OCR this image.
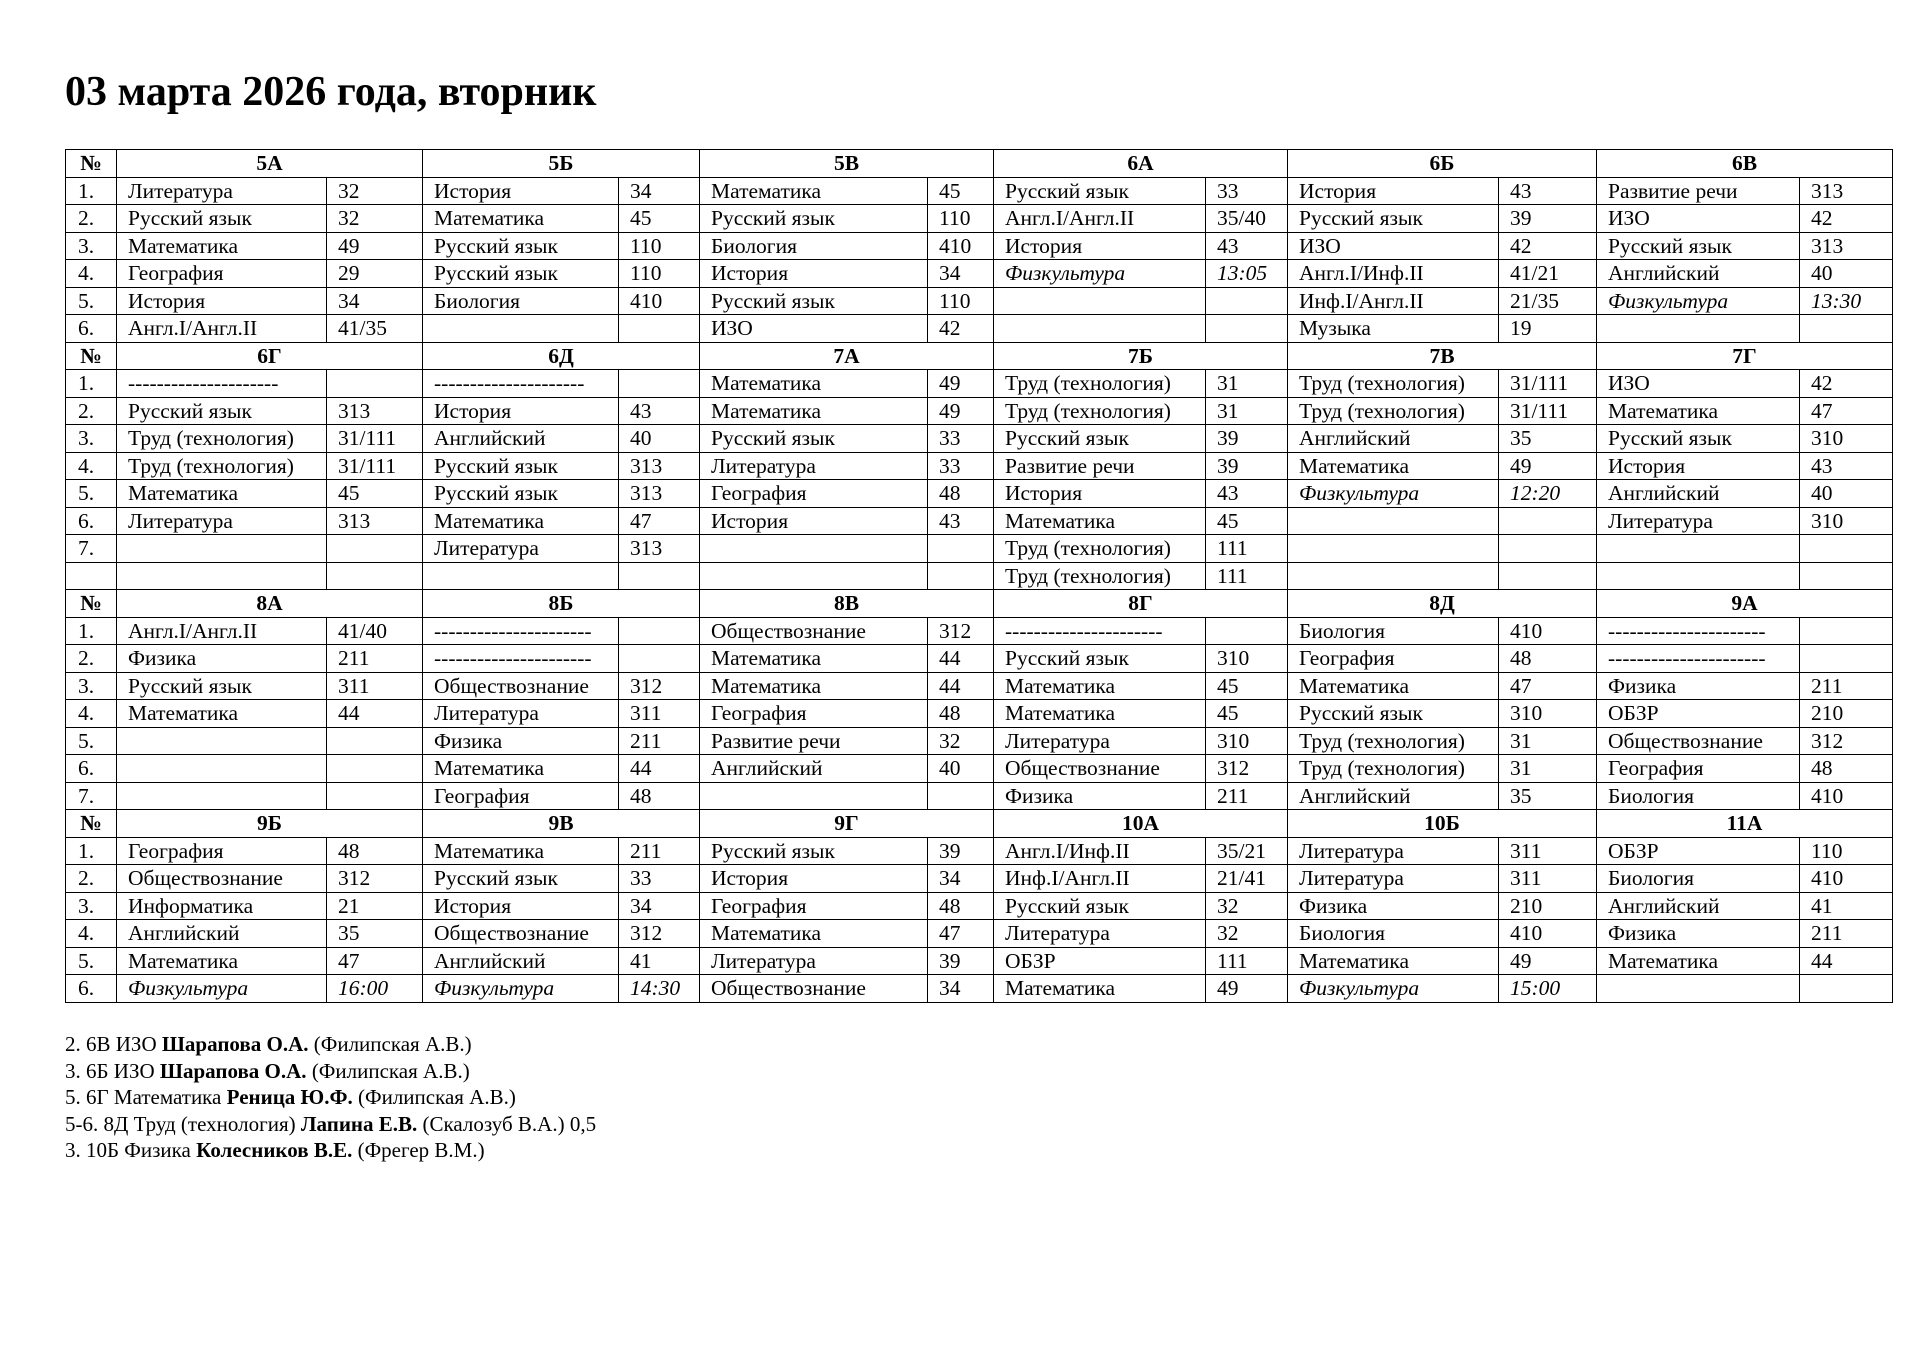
03 марта 2026 года, вторник
№	5А		5Б		5В		6А		6Б		6В	
1.	Литература	32	История	34	Математика	45	Русский язык	33	История	43	Развитие речи	313
2.	Русский язык	32	Математика	45	Русский язык	110	Англ.I/Англ.II	35/40	Русский язык	39	ИЗО	42
3.	Математика	49	Русский язык	110	Биология	410	История	43	ИЗО	42	Русский язык	313
4.	География	29	Русский язык	110	История	34	Физкультура	13:05	Англ.I/Инф.II	41/21	Английский	40
5.	История	34	Биология	410	Русский язык	110			Инф.I/Англ.II	21/35	Физкультура	13:30
6.	Англ.I/Англ.II	41/35			ИЗО	42			Музыка	19		
№	6Г		6Д		7А		7Б		7В		7Г	
1.	---------------------		---------------------		Математика	49	Труд (технология)	31	Труд (технология)	31/111	ИЗО	42
2.	Русский язык	313	История	43	Математика	49	Труд (технология)	31	Труд (технология)	31/111	Математика	47
3.	Труд (технология)	31/111	Английский	40	Русский язык	33	Русский язык	39	Английский	35	Русский язык	310
4.	Труд (технология)	31/111	Русский язык	313	Литература	33	Развитие речи	39	Математика	49	История	43
5.	Математика	45	Русский язык	313	География	48	История	43	Физкультура	12:20	Английский	40
6.	Литература	313	Математика	47	История	43	Математика	45			Литература	310
7.			Литература	313			Труд (технология)	111				
							Труд (технология)	111				
№	8А		8Б		8В		8Г		8Д		9А	
1.	Англ.I/Англ.II	41/40	----------------------		Обществознание	312	----------------------		Биология	410	----------------------	
2.	Физика	211	----------------------		Математика	44	Русский язык	310	География	48	----------------------	
3.	Русский язык	311	Обществознание	312	Математика	44	Математика	45	Математика	47	Физика	211
4.	Математика	44	Литература	311	География	48	Математика	45	Русский язык	310	ОБЗР	210
5.			Физика	211	Развитие речи	32	Литература	310	Труд (технология)	31	Обществознание	312
6.			Математика	44	Английский	40	Обществознание	312	Труд (технология)	31	География	48
7.			География	48			Физика	211	Английский	35	Биология	410
№	9Б		9В		9Г		10А		10Б		11А	
1.	География	48	Математика	211	Русский язык	39	Англ.I/Инф.II	35/21	Литература	311	ОБЗР	110
2.	Обществознание	312	Русский язык	33	История	34	Инф.I/Англ.II	21/41	Литература	311	Биология	410
3.	Информатика	21	История	34	География	48	Русский язык	32	Физика	210	Английский	41
4.	Английский	35	Обществознание	312	Математика	47	Литература	32	Биология	410	Физика	211
5.	Математика	47	Английский	41	Литература	39	ОБЗР	111	Математика	49	Математика	44
6.	Физкультура	16:00	Физкультура	14:30	Обществознание	34	Математика	49	Физкультура	15:00		
2. 6В ИЗО Шарапова О.А. (Филипская А.В.)
3. 6Б ИЗО Шарапова О.А. (Филипская А.В.)
5. 6Г Математика Реница Ю.Ф. (Филипская А.В.)
5-6. 8Д Труд (технология) Лапина Е.В. (Скалозуб В.А.) 0,5
3. 10Б Физика Колесников В.Е. (Фрегер В.М.)
